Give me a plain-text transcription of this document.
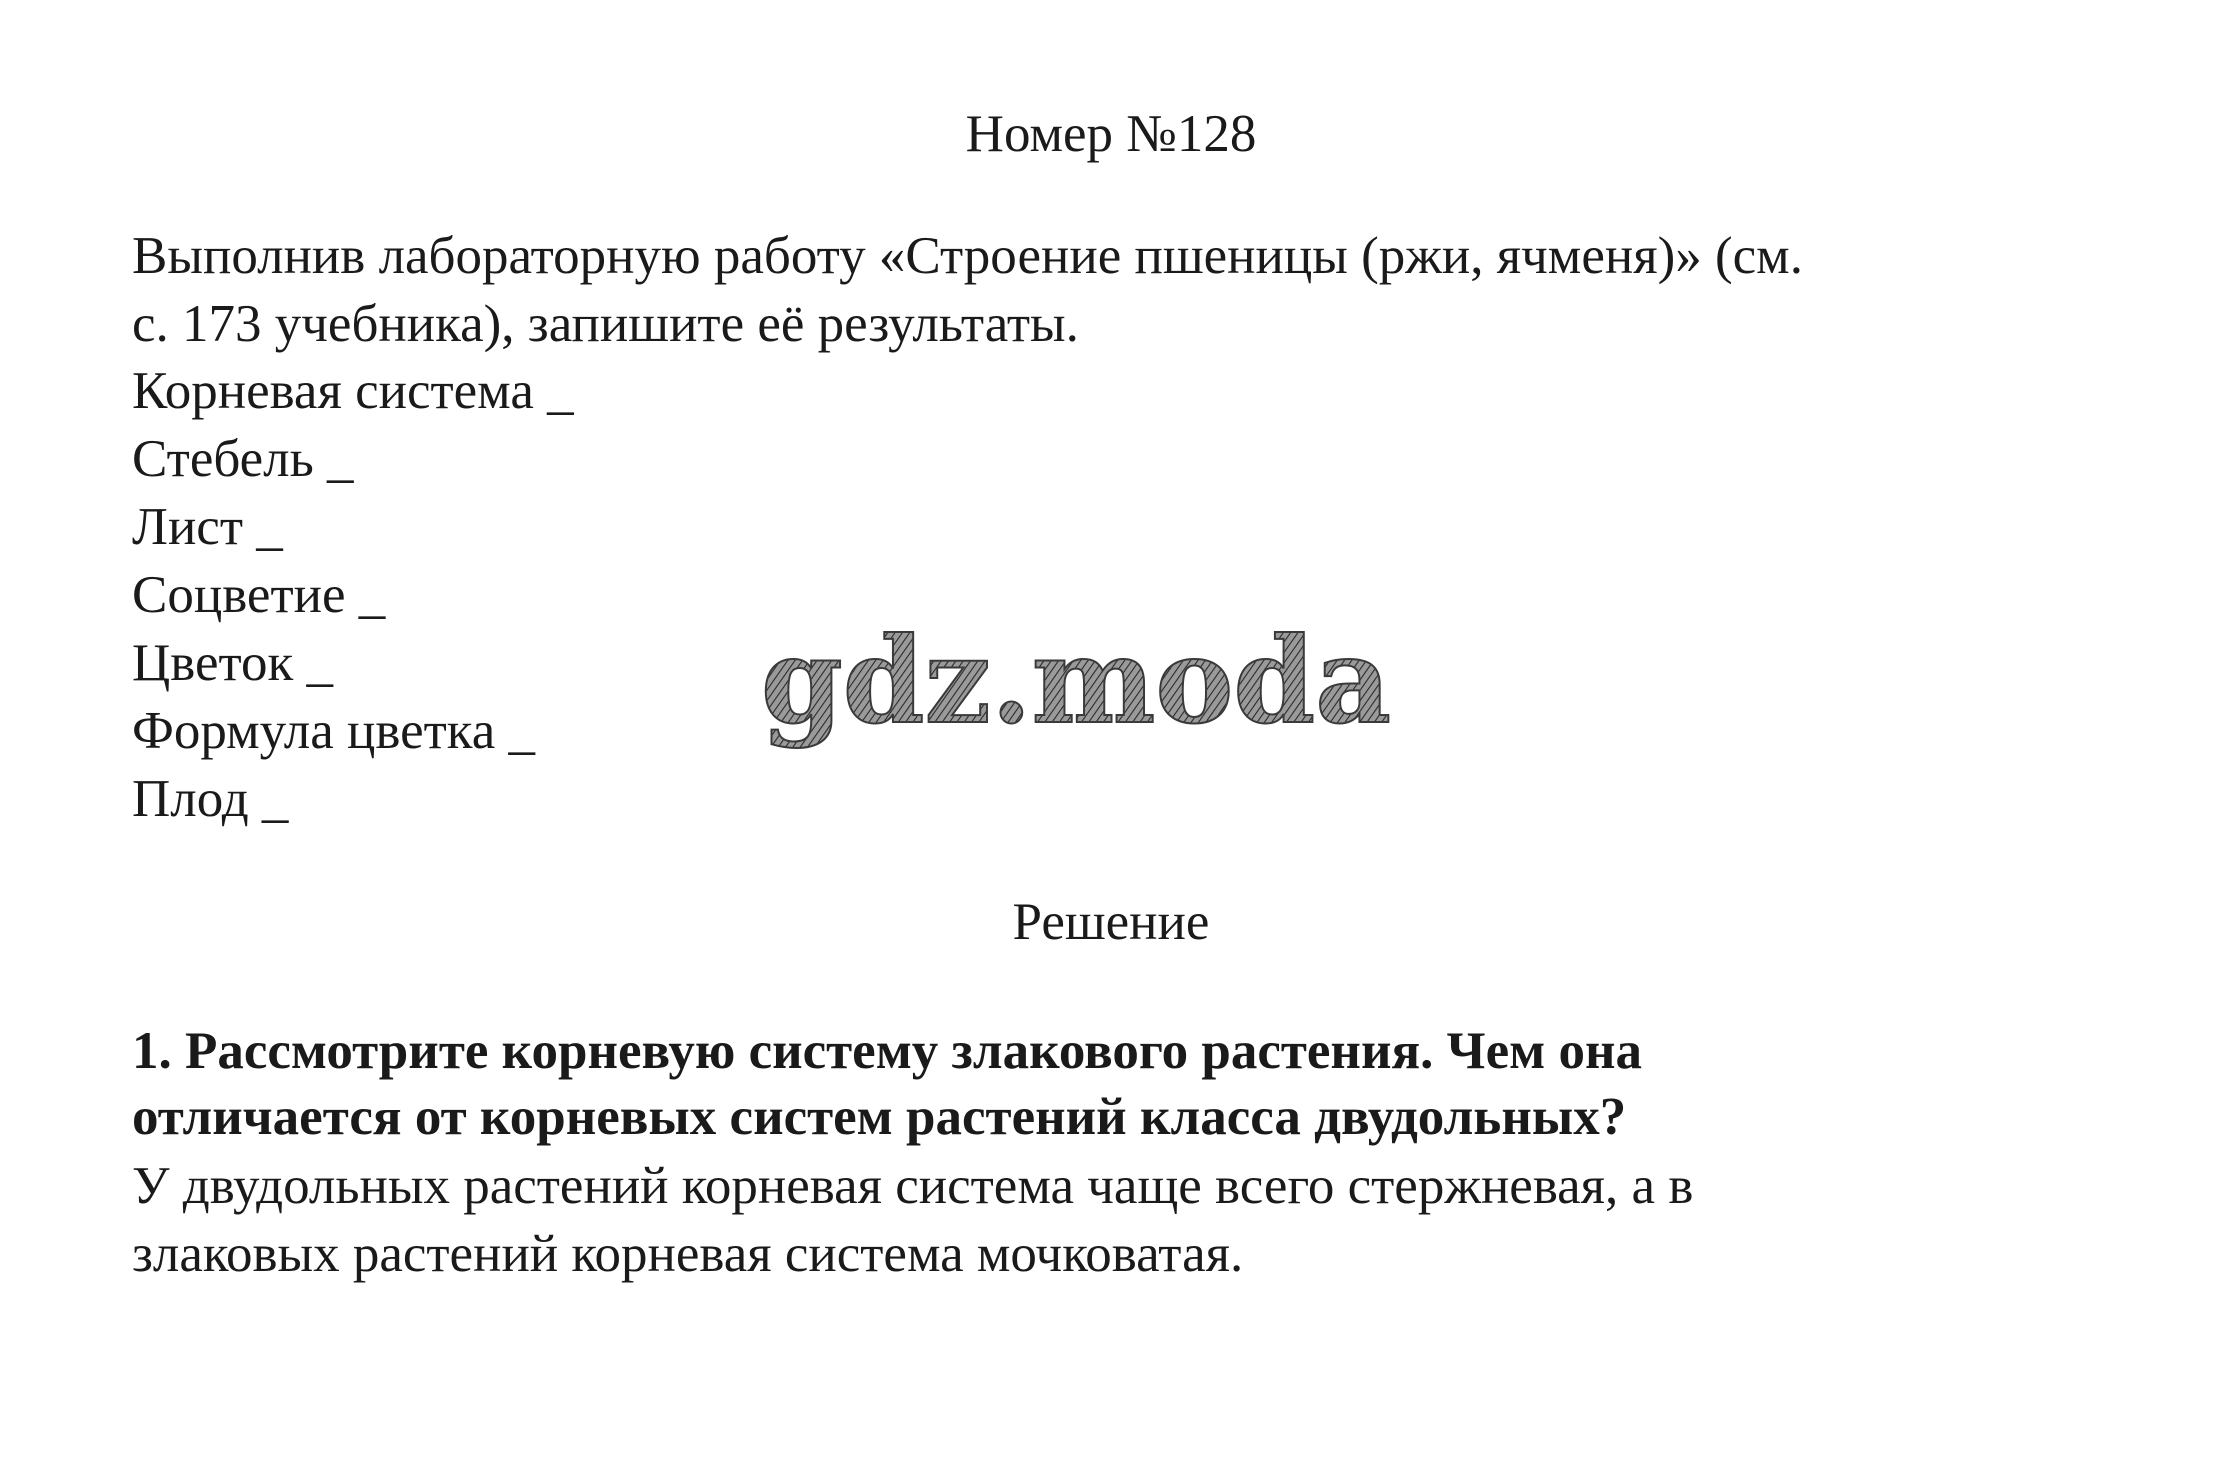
Номер №128

Выполнив лабораторную работу «Строение пшеницы (ржи, ячменя)» (см.

с. 173 учебника), запишите её результаты.

Корневая система _
Стебель _
Лист _
Соцветие _
Цветок _
Формула цветка _
Плод _
Решение

1. Рассмотрите корневую систему злакового растения. Чем она

отличается от корневых систем растений класса двудольных?

У двудольных растений корневая система чаще всего стержневая, а в

злаковых растений корневая система мочковатая.

gdz.moda
